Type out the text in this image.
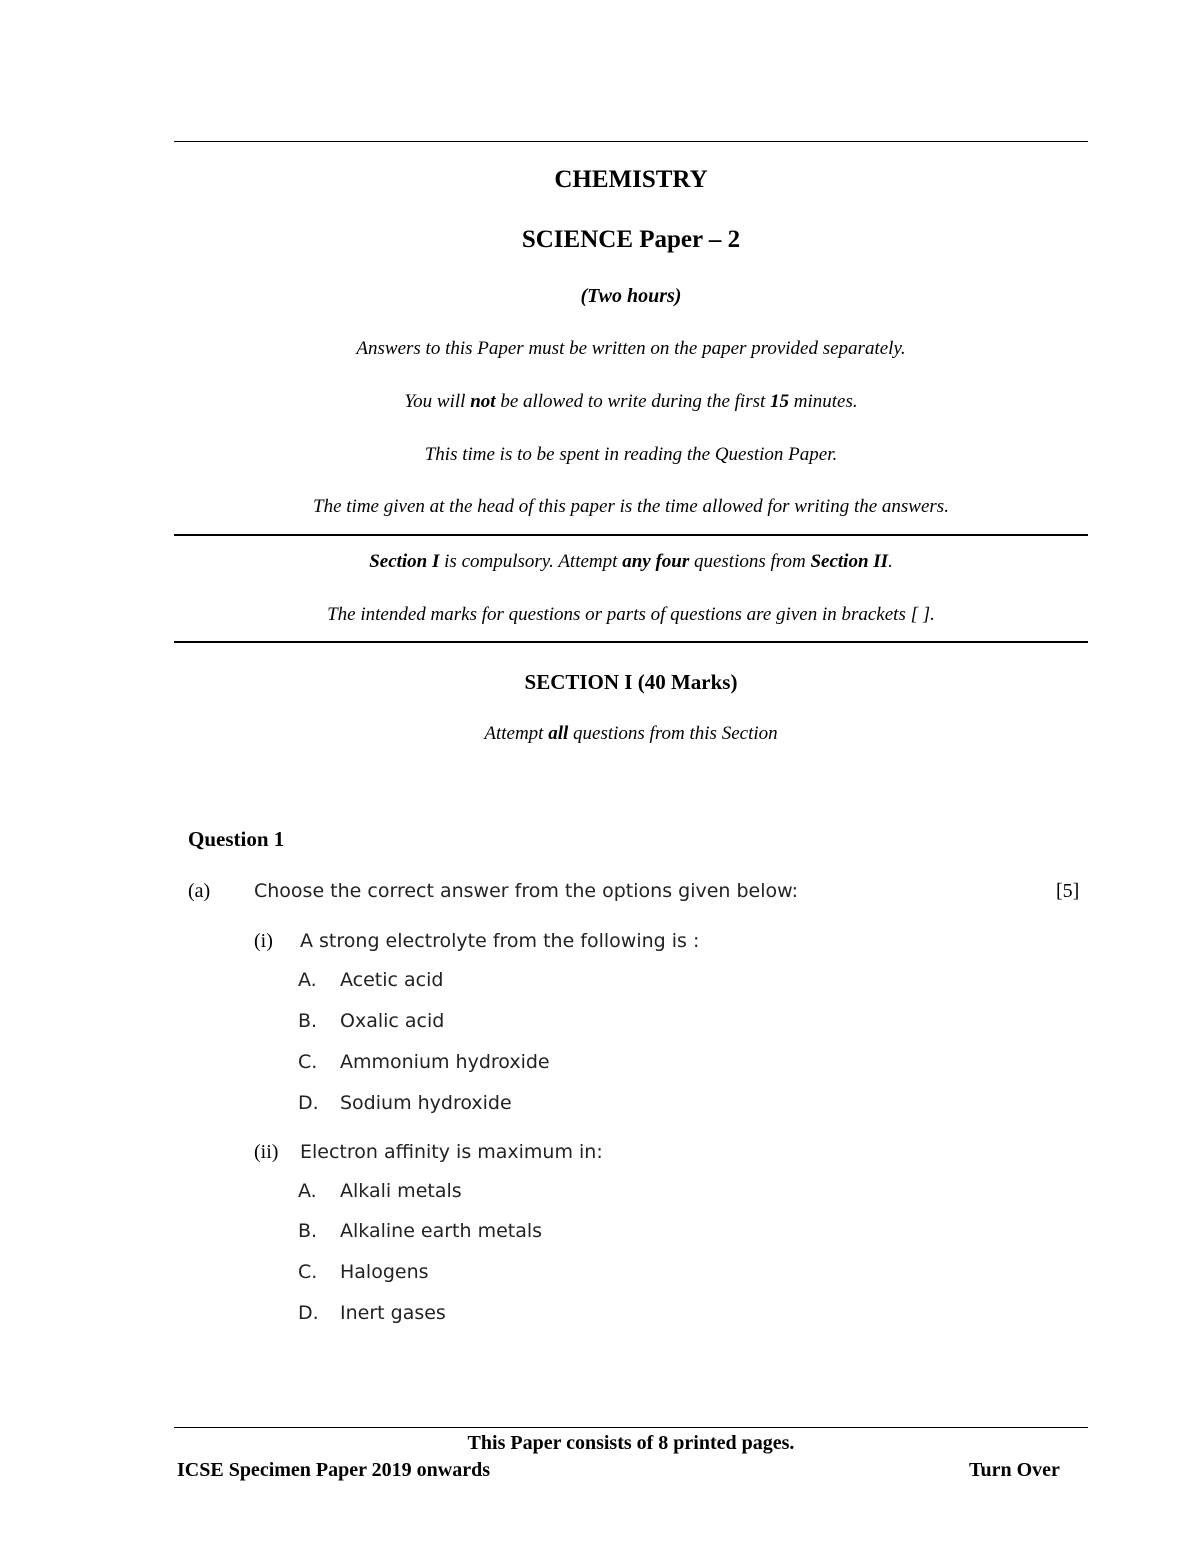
CHEMISTRY
SCIENCE Paper – 2
(Two hours)
Answers to this Paper must be written on the paper provided separately.
You will not be allowed to write during the first 15 minutes.
This time is to be spent in reading the Question Paper.
The time given at the head of this paper is the time allowed for writing the answers.
Section I is compulsory. Attempt any four questions from Section II.
The intended marks for questions or parts of questions are given in brackets [ ].
SECTION I (40 Marks)
Attempt all questions from this Section
Question 1
(a) Choose the correct answer from the options given below:	[5]
(i) A strong electrolyte from the following is :
A.	Acetic acid
B.	Oxalic acid
C.	Ammonium hydroxide
D.	Sodium hydroxide
(ii) Electron affinity is maximum in:
A.	Alkali metals
B.	Alkaline earth metals
C.	Halogens
D.	Inert gases
This Paper consists of 8 printed pages.
ICSE Specimen Paper 2019 onwards	Turn Over
